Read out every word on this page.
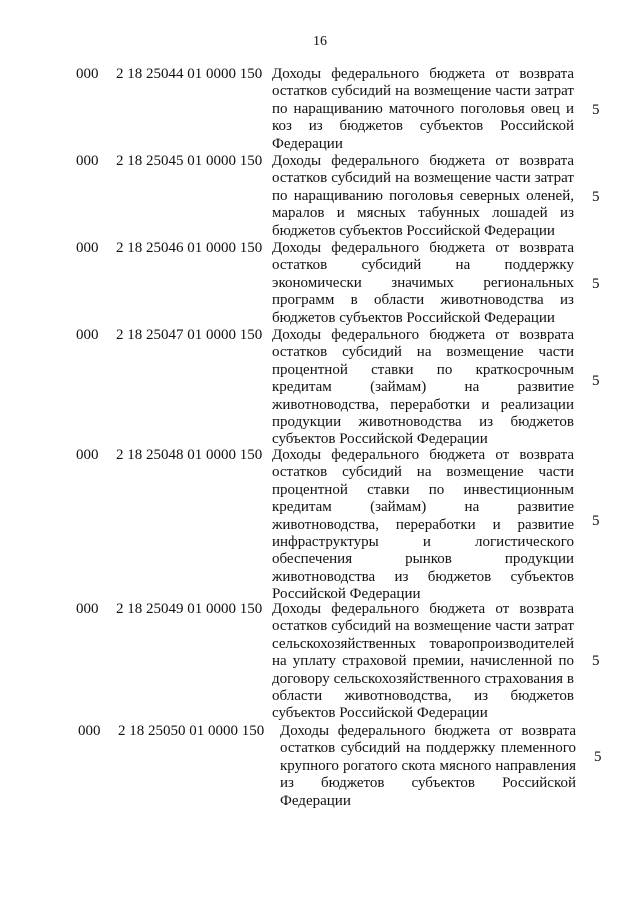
16
000 2 18 25044 01 0000 150 Доходы федерального бюджета от возврата остатков субсидий на возмещение части затрат по наращиванию маточного поголовья овец и коз из бюджетов субъектов Российской Федерации
5
000 2 18 25045 01 0000 150 Доходы федерального бюджета от возврата остатков субсидий на возмещение части затрат по наращиванию поголовья северных оленей, маралов и мясных табунных лошадей из бюджетов субъектов Российской Федерации
5
000 2 18 25046 01 0000 150 Доходы федерального бюджета от возврата остатков субсидий на поддержку экономически значимых региональных программ в области животноводства из бюджетов субъектов Российской Федерации
5
000 2 18 25047 01 0000 150 Доходы федерального бюджета от возврата остатков субсидий на возмещение части процентной ставки по краткосрочным кредитам (займам) на развитие животноводства, переработки и реализации продукции животноводства из бюджетов субъектов Российской Федерации
5
000 2 18 25048 01 0000 150 Доходы федерального бюджета от возврата остатков субсидий на возмещение части процентной ставки по инвестиционным кредитам (займам) на развитие животноводства, переработки и развитие инфраструктуры и логистического обеспечения рынков продукции животноводства из бюджетов субъектов Российской Федерации
5
000 2 18 25049 01 0000 150 Доходы федерального бюджета от возврата остатков субсидий на возмещение части затрат сельскохозяйственных товаропроизводителей на уплату страховой премии, начисленной по договору сельскохозяйственного страхования в области животноводства, из бюджетов субъектов Российской Федерации
5
000 2 18 25050 01 0000 150 Доходы федерального бюджета от возврата остатков субсидий на поддержку племенного крупного рогатого скота мясного направления из бюджетов субъектов Российской Федерации
5
